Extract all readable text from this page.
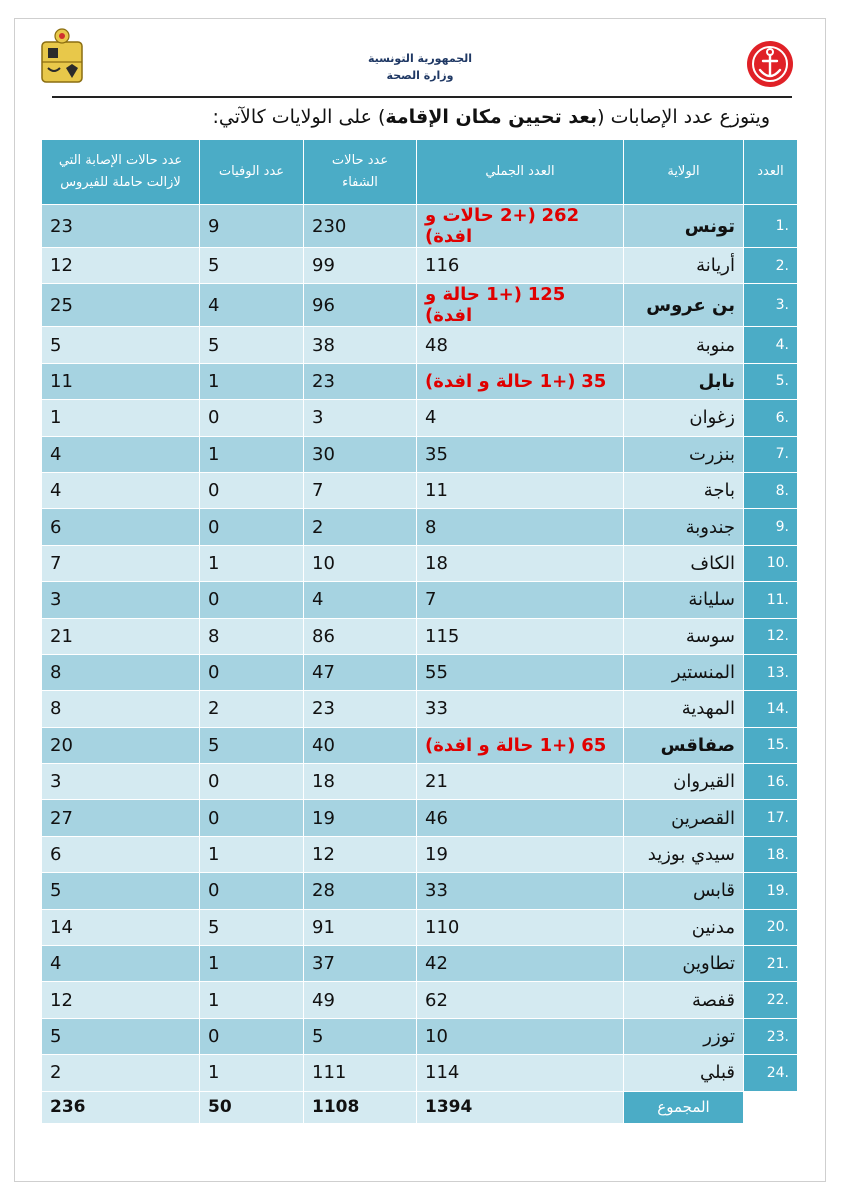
الجمهورية التونسية
وزارة الصحة
ويتوزع عدد الإصابات (بعد تحيين مكان الإقامة) على الولايات كالآتي:
العدد	الولاية	العدد الجملي	عدد حالات الشفاء	عدد الوفيات	عدد حالات الإصابة التي لازالت حاملة للفيروس
.1	تونس	262 (+2 حالات و افدة)	230	9	23
.2	أريانة	116	99	5	12
.3	بن عروس	125 (+1 حالة و افدة)	96	4	25
.4	منوبة	48	38	5	5
.5	نابل	35 (+1 حالة و افدة)	23	1	11
.6	زغوان	4	3	0	1
.7	بنزرت	35	30	1	4
.8	باجة	11	7	0	4
.9	جندوبة	8	2	0	6
.10	الكاف	18	10	1	7
.11	سليانة	7	4	0	3
.12	سوسة	115	86	8	21
.13	المنستير	55	47	0	8
.14	المهدية	33	23	2	8
.15	صفاقس	65 (+1 حالة و افدة)	40	5	20
.16	القيروان	21	18	0	3
.17	القصرين	46	19	0	27
.18	سيدي بوزيد	19	12	1	6
.19	قابس	33	28	0	5
.20	مدنين	110	91	5	14
.21	تطاوين	42	37	1	4
.22	قفصة	62	49	1	12
.23	توزر	10	5	0	5
.24	قبلي	114	111	1	2
	المجموع	1394	1108	50	236
